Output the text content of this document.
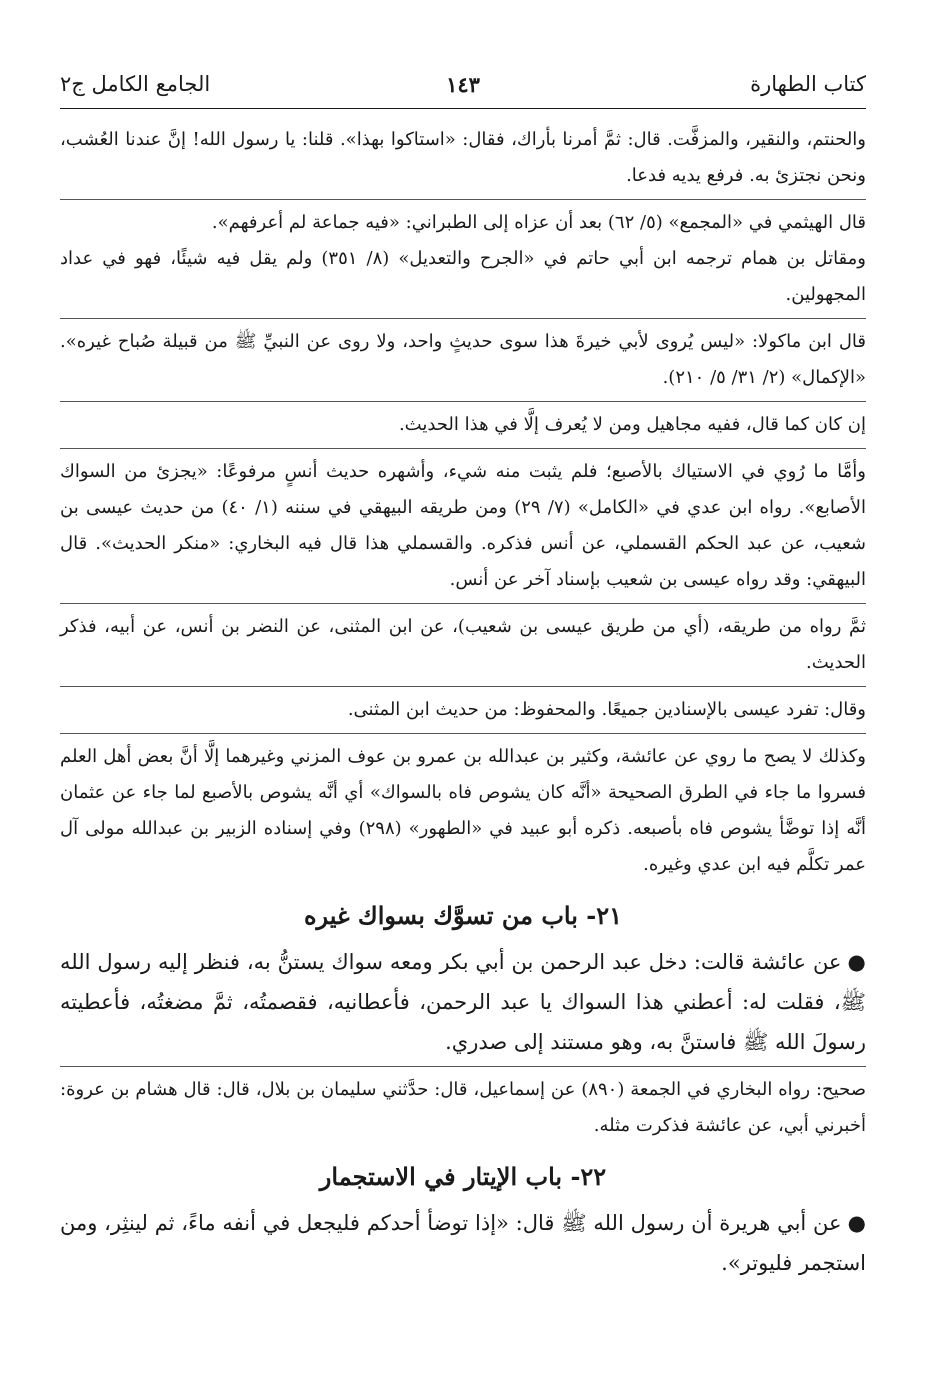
كتاب الطهارة
١٤٣
الجامع الكامل ج٢

والحنتم، والنقير، والمزفَّت. قال: ثمَّ أمرنا بأراك، فقال: «استاكوا بهذا». قلنا: يا رسول الله! إنَّ عندنا العُشب، ونحن نجتزئ به. فرفع يديه فدعا.

قال الهيثمي في «المجمع» (٥/ ٦٢) بعد أن عزاه إلى الطبراني: «فيه جماعة لم أعرفهم».

ومقاتل بن همام ترجمه ابن أبي حاتم في «الجرح والتعديل» (٨/ ٣٥١) ولم يقل فيه شيئًا، فهو في عداد المجهولين.

قال ابن ماكولا: «ليس يُروى لأبي خيرةَ هذا سوى حديثٍ واحد، ولا روى عن النبيِّ ﷺ من قبيلة صُباح غيره». «الإكمال» (٢/ ٣١/ ٥/ ٢١٠).

إن كان كما قال، ففيه مجاهيل ومن لا يُعرف إلَّا في هذا الحديث.

وأمَّا ما رُوي في الاستياك بالأصبع؛ فلم يثبت منه شيء، وأشهره حديث أنسٍ مرفوعًا: «يجزئ من السواك الأصابع». رواه ابن عدي في «الكامل» (٧/ ٢٩) ومن طريقه البيهقي في سننه (١/ ٤٠) من حديث عيسى بن شعيب، عن عبد الحكم القسملي، عن أنس فذكره. والقسملي هذا قال فيه البخاري: «منكر الحديث». قال البيهقي: وقد رواه عيسى بن شعيب بإسناد آخر عن أنس.

ثمَّ رواه من طريقه، (أي من طريق عيسى بن شعيب)، عن ابن المثنى، عن النضر بن أنس، عن أبيه، فذكر الحديث.

وقال: تفرد عيسى بالإسنادين جميعًا. والمحفوظ: من حديث ابن المثنى.

وكذلك لا يصح ما روي عن عائشة، وكثير بن عبدالله بن عمرو بن عوف المزني وغيرهما إلَّا أنَّ بعض أهل العلم فسروا ما جاء في الطرق الصحيحة «أنَّه كان يشوص فاه بالسواك» أي أنَّه يشوص بالأصبع لما جاء عن عثمان أنَّه إذا توضَّأ يشوص فاه بأصبعه. ذكره أبو عبيد في «الطهور» (٢٩٨) وفي إسناده الزبير بن عبدالله مولى آل عمر تكلَّم فيه ابن عدي وغيره.

٢١- باب من تسوَّك بسواك غيره
●عن عائشة قالت: دخل عبد الرحمن بن أبي بكر ومعه سواك يستنُّ به، فنظر إليه رسول الله ﷺ، فقلت له: أعطني هذا السواك يا عبد الرحمن، فأعطانيه، فقصمتُه، ثمَّ مضغتُه، فأعطيته رسولَ الله ﷺ فاستنَّ به، وهو مستند إلى صدري.

صحيح: رواه البخاري في الجمعة (٨٩٠) عن إسماعيل، قال: حدَّثني سليمان بن بلال، قال: قال هشام بن عروة: أخبرني أبي، عن عائشة فذكرت مثله.

٢٢- باب الإيتار في الاستجمار
●عن أبي هريرة أن رسول الله ﷺ قال: «إذا توضأ أحدكم فليجعل في أنفه ماءً، ثم لينثِر، ومن استجمر فليوتر».
